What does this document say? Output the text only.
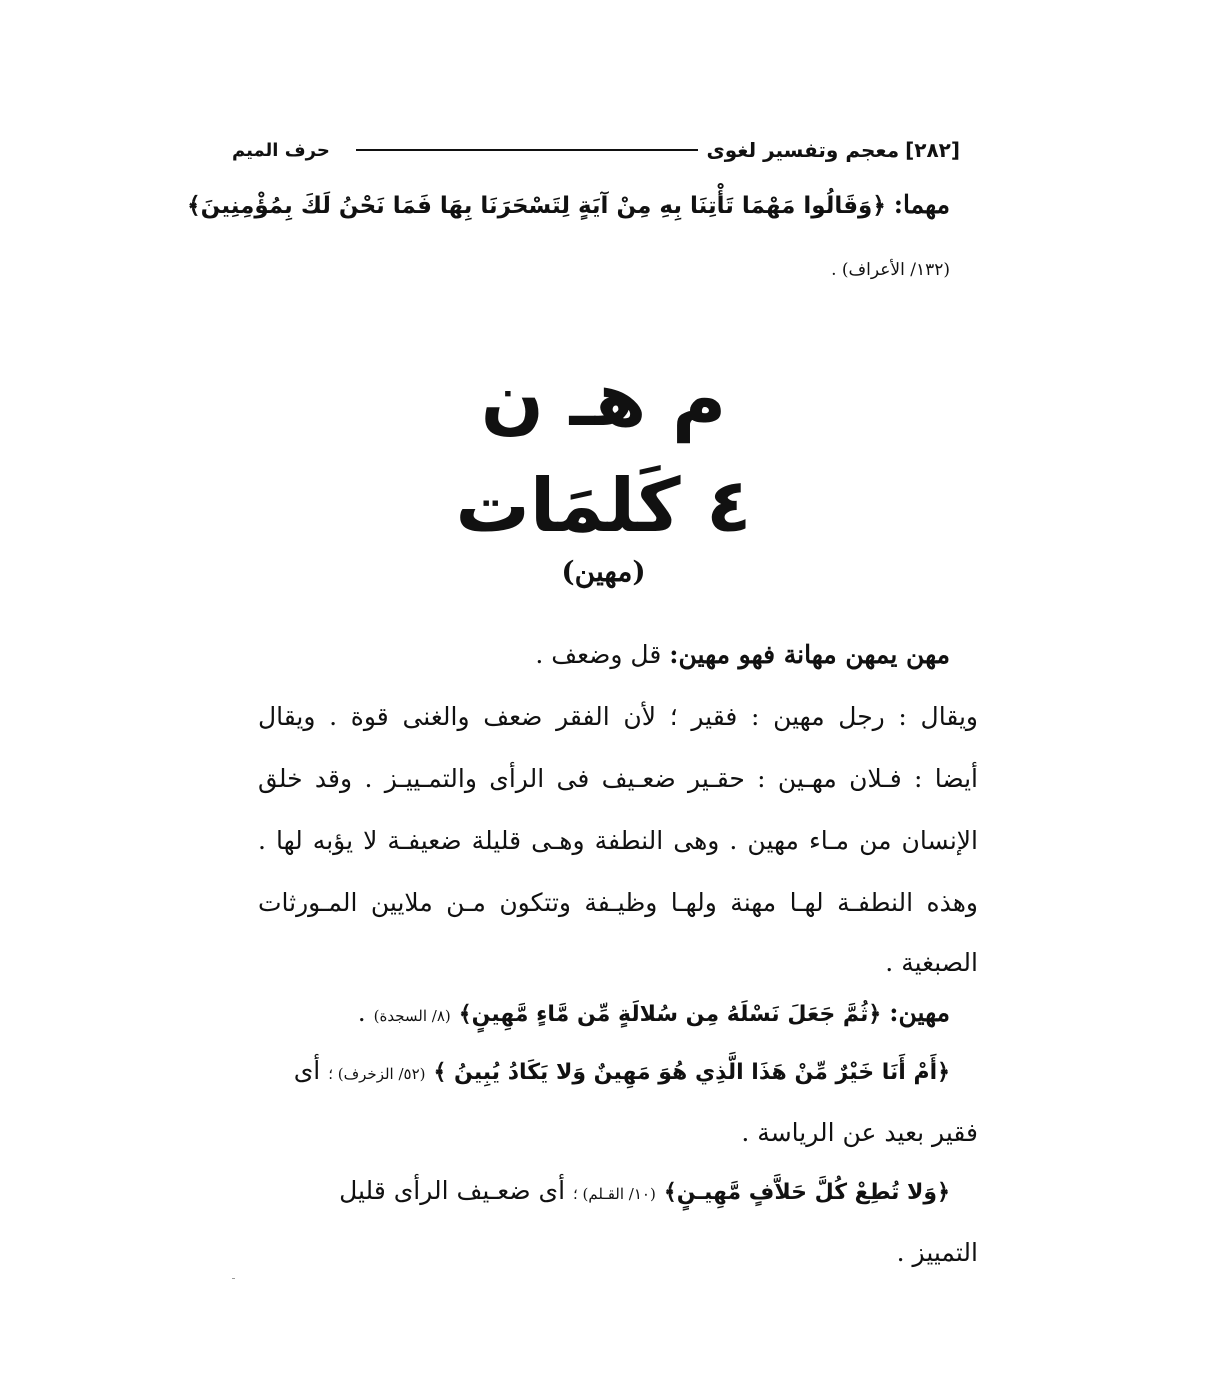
[٢٨٢]
معجم وتفسير لغوى
حرف الميم
مهما: ﴿وَقَالُوا مَهْمَا تَأْتِنَا بِهِ مِنْ آيَةٍ لِتَسْحَرَنَا بِهَا فَمَا نَحْنُ لَكَ بِمُؤْمِنِينَ﴾
(١٣٢/ الأعراف) .
م هـ ن
٤ كَلمَات
(مهين)
مهن يمهن مهانة فهو مهين: قل وضعف .
ويقال : رجل مهين : فقير ؛ لأن الفقر ضعف والغنى قوة . ويقال
أيضا : فـلان مهـين : حقـير ضعـيف فى الرأى والتمـييـز . وقد خلق
الإنسان من مـاء مهين . وهى النطفة وهـى قليلة ضعيفـة لا يؤبه لها .
وهذه النطفـة لهـا مهنة ولهـا وظيـفة وتتكون مـن ملايين المـورثات
الصبغية .
مهين: ﴿ثُمَّ جَعَلَ نَسْلَهُ مِن سُلالَةٍ مِّن مَّاءٍ مَّهِينٍ﴾ (٨/ السجدة) .
﴿أَمْ أَنَا خَيْرٌ مِّنْ هَذَا الَّذِي هُوَ مَهِينٌ وَلا يَكَادُ يُبِينُ ﴾ (٥٢/ الزخرف) ؛ أى
فقير بعيد عن الرياسة .
﴿وَلا تُطِعْ كُلَّ حَلاَّفٍ مَّهِيـنٍ﴾ (١٠/ القـلم) ؛ أى ضعـيف الرأى قليل
التمييز .
